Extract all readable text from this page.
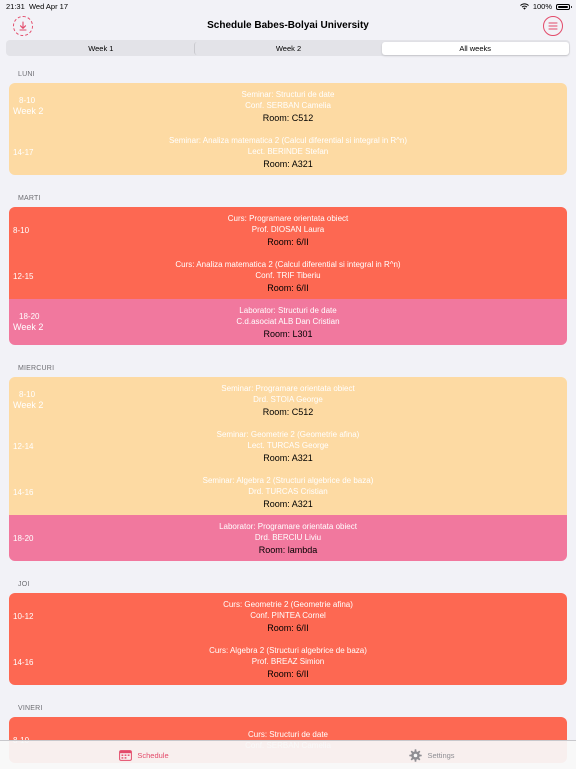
21:31 Wed Apr 17	100%
Schedule Babes-Bolyai University
Week 1	Week 2	All weeks
LUNI
Seminar: Structuri de date
Conf. SERBAN Camelia
Room: C512
8-10
Week 2
Seminar: Analiza matematica 2 (Calcul diferential si integral in R^n)
Lect. BERINDE Stefan
Room: A321
14-17
MARTI
Curs: Programare orientata obiect
Prof. DIOSAN Laura
Room: 6/II
8-10
Curs: Analiza matematica 2 (Calcul diferential si integral in R^n)
Conf. TRIF Tiberiu
Room: 6/II
12-15
Laborator: Structuri de date
C.d.asociat ALB Dan Cristian
Room: L301
18-20
Week 2
MIERCURI
Seminar: Programare orientata obiect
Drd. STOIA George
Room: C512
8-10
Week 2
Seminar: Geometrie 2 (Geometrie afina)
Lect. TURCAS George
Room: A321
12-14
Seminar: Algebra 2 (Structuri algebrice de baza)
Drd. TURCAS Cristian
Room: A321
14-16
Laborator: Programare orientata obiect
Drd. BERCIU Liviu
Room: lambda
18-20
JOI
Curs: Geometrie 2 (Geometrie afina)
Conf. PINTEA Cornel
Room: 6/II
10-12
Curs: Algebra 2 (Structuri algebrice de baza)
Prof. BREAZ Simion
Room: 6/II
14-16
VINERI
Curs: Structuri de date
Schedule	Settings
